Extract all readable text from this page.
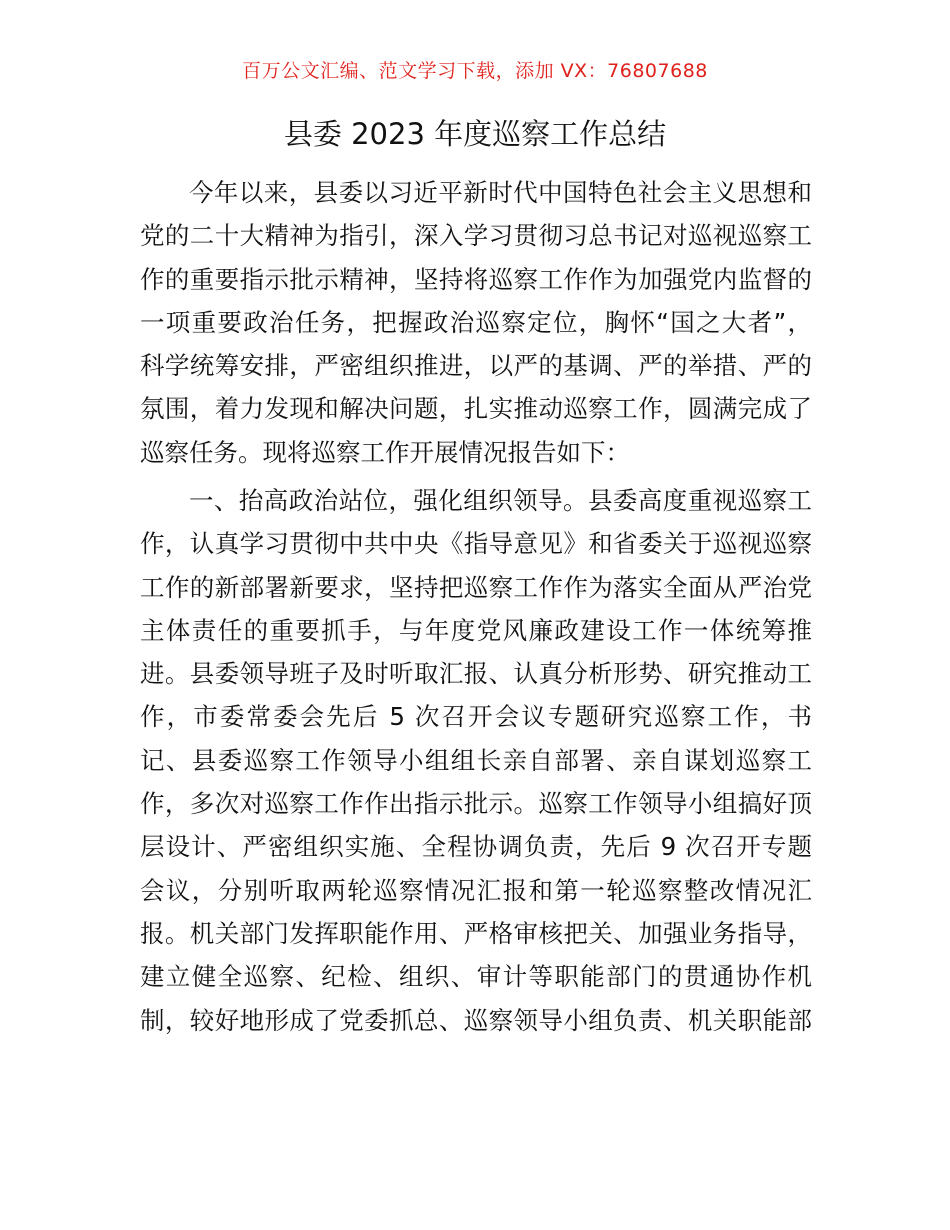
百万公文汇编、范文学习下载，添加 VX：76807688
县委 2023 年度巡察工作总结
今年以来，县委以习近平新时代中国特色社会主义思想和
党的二十大精神为指引，深入学习贯彻习总书记对巡视巡察工
作的重要指示批示精神，坚持将巡察工作作为加强党内监督的
一项重要政治任务，把握政治巡察定位，胸怀“国之大者”，
科学统筹安排，严密组织推进，以严的基调、严的举措、严的
氛围，着力发现和解决问题，扎实推动巡察工作，圆满完成了
巡察任务。现将巡察工作开展情况报告如下：
一、抬高政治站位，强化组织领导。县委高度重视巡察工
作，认真学习贯彻中共中央《指导意见》和省委关于巡视巡察
工作的新部署新要求，坚持把巡察工作作为落实全面从严治党
主体责任的重要抓手，与年度党风廉政建设工作一体统筹推
进。县委领导班子及时听取汇报、认真分析形势、研究推动工
作，市委常委会先后 5 次召开会议专题研究巡察工作，书
记、县委巡察工作领导小组组长亲自部署、亲自谋划巡察工
作，多次对巡察工作作出指示批示。巡察工作领导小组搞好顶
层设计、严密组织实施、全程协调负责，先后 9 次召开专题
会议，分别听取两轮巡察情况汇报和第一轮巡察整改情况汇
报。机关部门发挥职能作用、严格审核把关、加强业务指导，
建立健全巡察、纪检、组织、审计等职能部门的贯通协作机
制，较好地形成了党委抓总、巡察领导小组负责、机关职能部
